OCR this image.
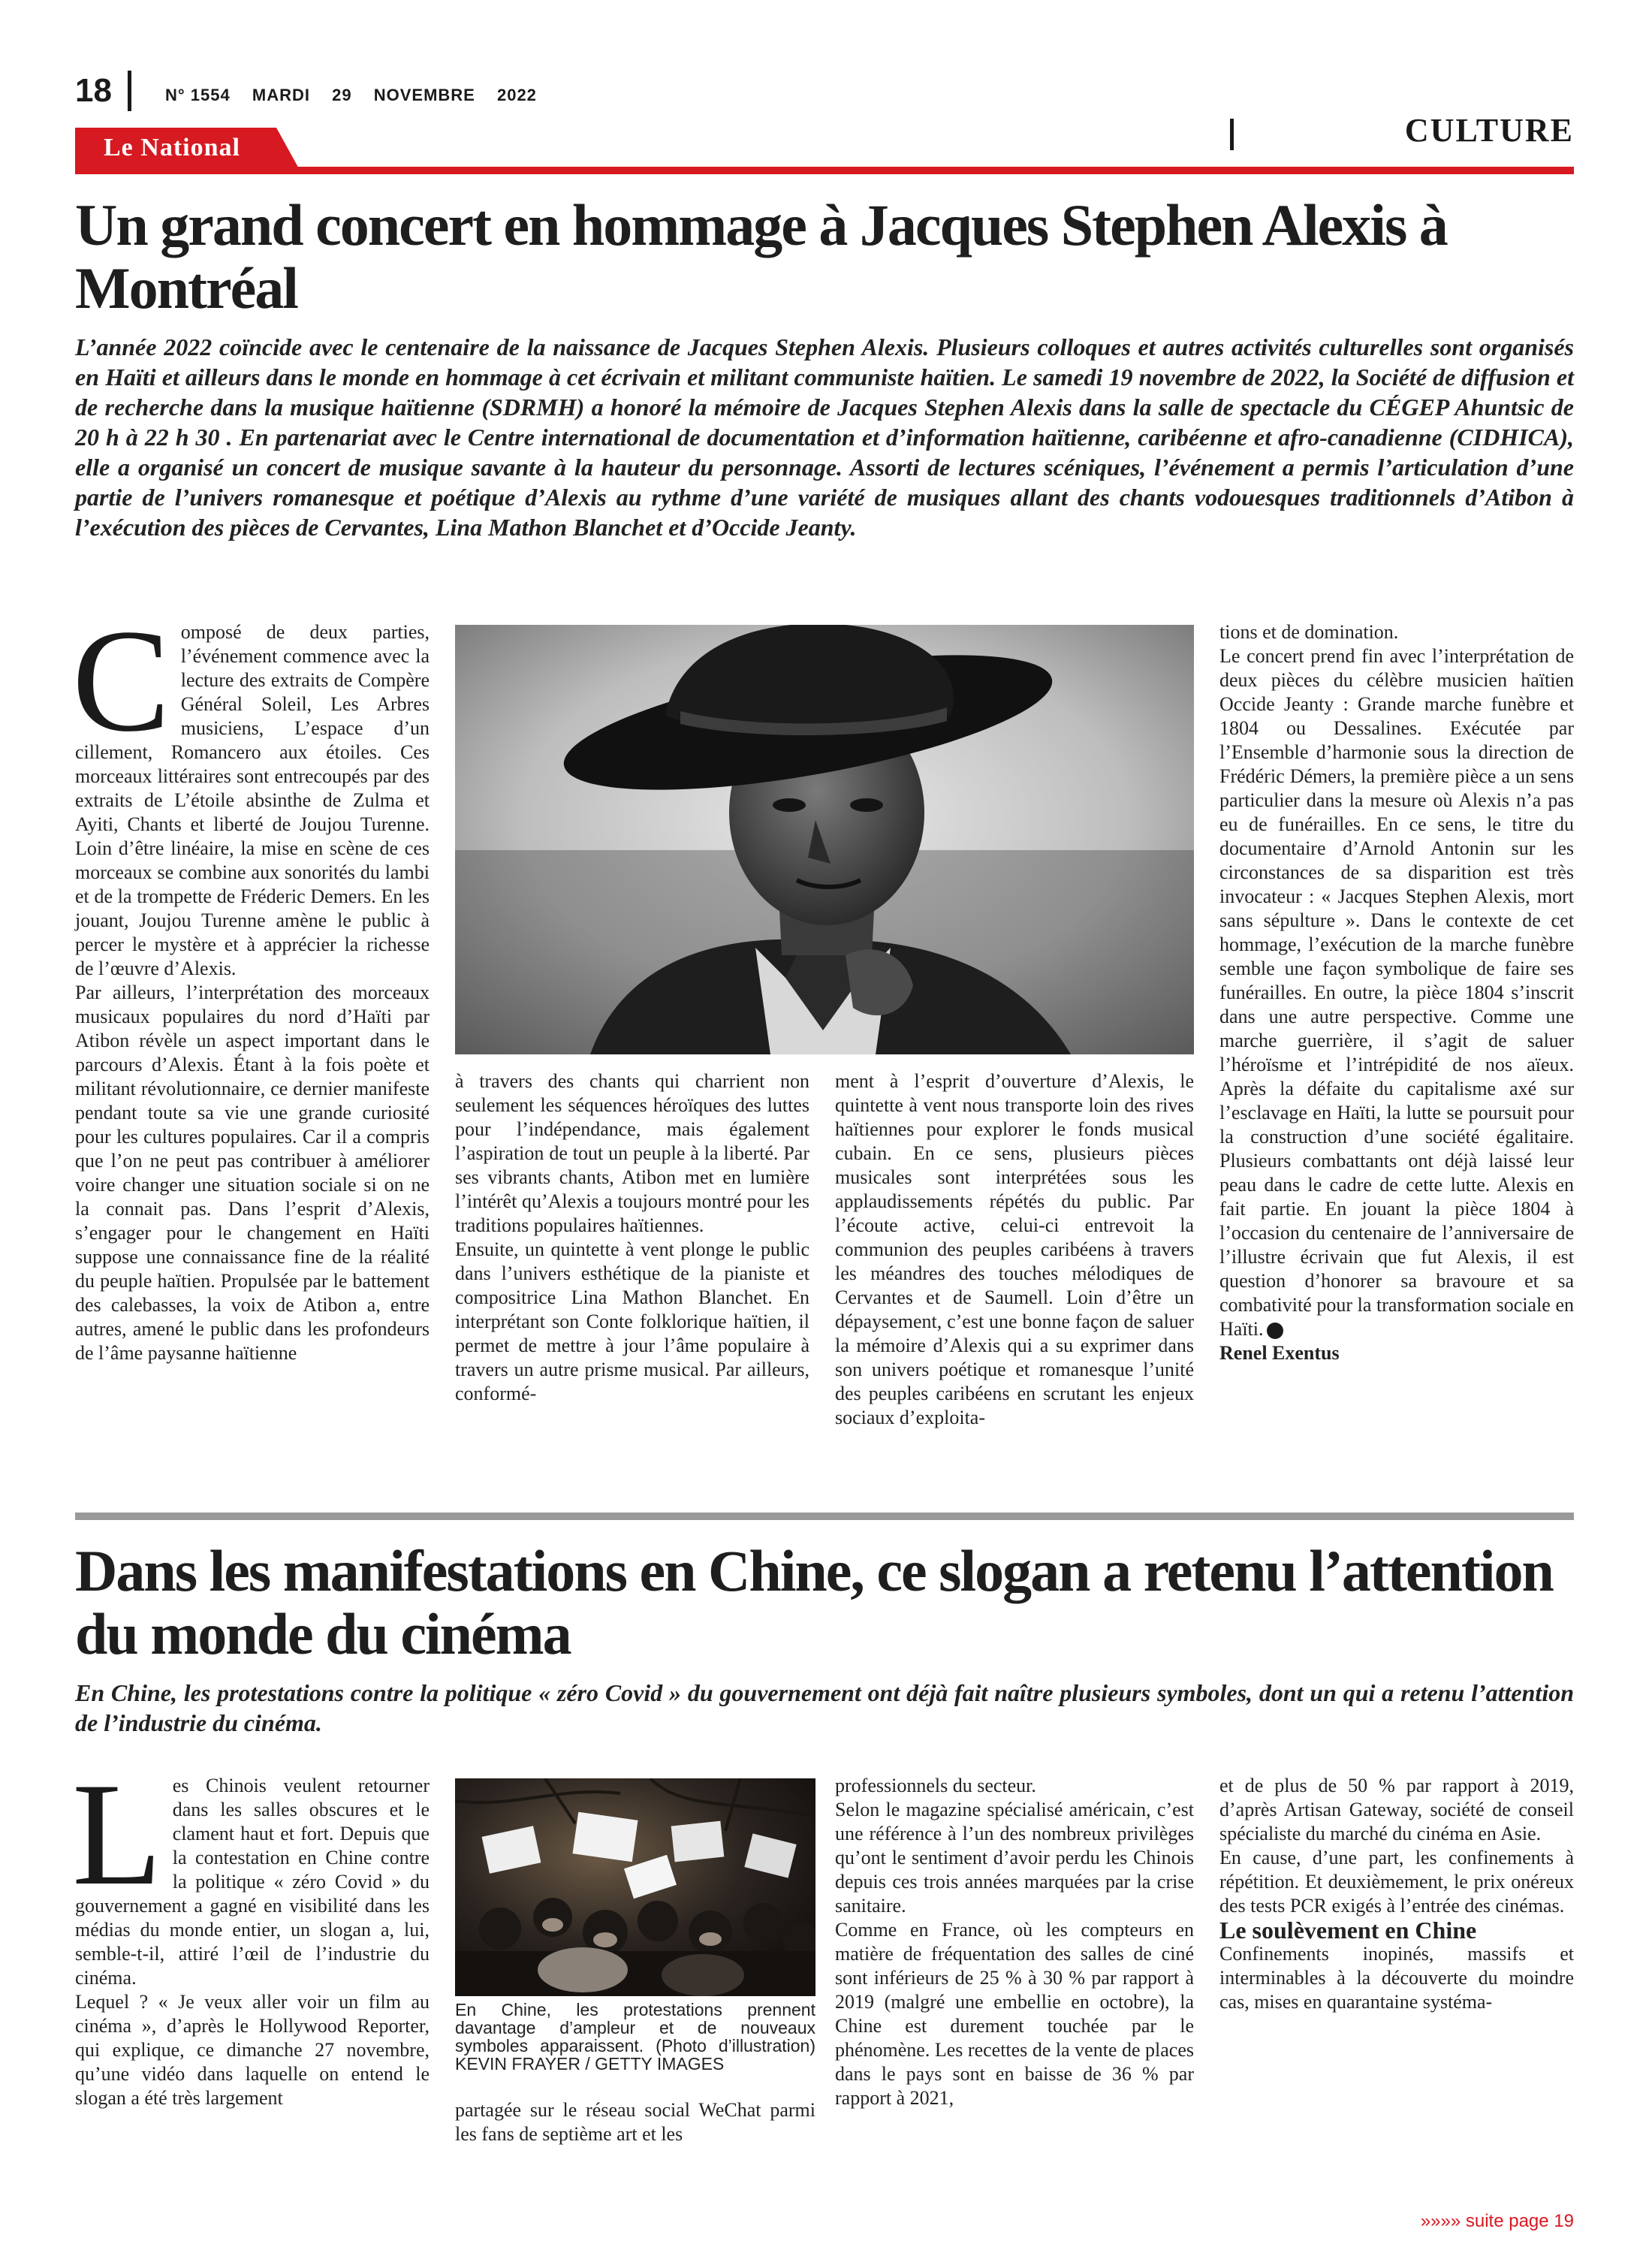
18	N° 1554 MARDI 29 NOVEMBRE 2022
Le National	CULTURE
Un grand concert en hommage à Jacques Stephen Alexis à Montréal
L’année 2022 coïncide avec le centenaire de la naissance de Jacques Stephen Alexis. Plusieurs colloques et autres activités culturelles sont organisés en Haïti et ailleurs dans le monde en hommage à cet écrivain et militant communiste haïtien. Le samedi 19 novembre de 2022, la Société de diffusion et de recherche dans la musique haïtienne (SDRMH) a honoré la mémoire de Jacques Stephen Alexis dans la salle de spectacle du CÉGEP Ahuntsic de 20 h à 22 h 30 . En partenariat avec le Centre international de documentation et d’information haïtienne, caribéenne et afro-canadienne (CIDHICA), elle a organisé un concert de musique savante à la hauteur du personnage. Assorti de lectures scéniques, l’événement a permis l’articulation d’une partie de l’univers romanesque et poétique d’Alexis au rythme d’une variété de musiques allant des chants vodouesques traditionnels d’Atibon à l’exécution des pièces de Cervantes, Lina Mathon Blanchet et d’Occide Jeanty.

Composé de deux parties, l’événement commence avec la lecture des extraits de Compère Général Soleil, Les Arbres musiciens, L’espace d’un cillement, Romancero aux étoiles. Ces morceaux littéraires sont entrecoupés par des extraits de L’étoile absinthe de Zulma et Ayiti, Chants et liberté de Joujou Turenne. Loin d’être linéaire, la mise en scène de ces morceaux se combine aux sonorités du lambi et de la trompette de Fréderic Demers. En les jouant, Joujou Turenne amène le public à percer le mystère et à apprécier la richesse de l’œuvre d’Alexis.

Par ailleurs, l’interprétation des morceaux musicaux populaires du nord d’Haïti par Atibon révèle un aspect important dans le parcours d’Alexis. Étant à la fois poète et militant révolutionnaire, ce dernier manifeste pendant toute sa vie une grande curiosité pour les cultures populaires. Car il a compris que l’on ne peut pas contribuer à améliorer voire changer une situation sociale si on ne la connait pas. Dans l’esprit d’Alexis, s’engager pour le changement en Haïti suppose une connaissance fine de la réalité du peuple haïtien. Propulsée par le battement des calebasses, la voix de Atibon a, entre autres, amené le public dans les profondeurs de l’âme paysanne haïtienne

à travers des chants qui charrient non seulement les séquences héroïques des luttes pour l’indépendance, mais également l’aspiration de tout un peuple à la liberté. Par ses vibrants chants, Atibon met en lumière l’intérêt qu’Alexis a toujours montré pour les traditions populaires haïtiennes.

Ensuite, un quintette à vent plonge le public dans l’univers esthétique de la pianiste et compositrice Lina Mathon Blanchet. En interprétant son Conte folklorique haïtien, il permet de mettre à jour l’âme populaire à travers un autre prisme musical. Par ailleurs, conformé-

ment à l’esprit d’ouverture d’Alexis, le quintette à vent nous transporte loin des rives haïtiennes pour explorer le fonds musical cubain. En ce sens, plusieurs pièces musicales sont interprétées sous les applaudissements répétés du public. Par l’écoute active, celui-ci entrevoit la communion des peuples caribéens à travers les méandres des touches mélodiques de Cervantes et de Saumell. Loin d’être un dépaysement, c’est une bonne façon de saluer la mémoire d’Alexis qui a su exprimer dans son univers poétique et romanesque l’unité des peuples caribéens en scrutant les enjeux sociaux d’exploita-

tions et de domination.

Le concert prend fin avec l’interprétation de deux pièces du célèbre musicien haïtien Occide Jeanty : Grande marche funèbre et 1804 ou Dessalines. Exécutée par l’Ensemble d’harmonie sous la direction de Frédéric Démers, la première pièce a un sens particulier dans la mesure où Alexis n’a pas eu de funérailles. En ce sens, le titre du documentaire d’Arnold Antonin sur les circonstances de sa disparition est très invocateur : « Jacques Stephen Alexis, mort sans sépulture ». Dans le contexte de cet hommage, l’exécution de la marche funèbre semble une façon symbolique de faire ses funérailles. En outre, la pièce 1804 s’inscrit dans une autre perspective. Comme une marche guerrière, il s’agit de saluer l’héroïsme et l’intrépidité de nos aïeux. Après la défaite du capitalisme axé sur l’esclavage en Haïti, la lutte se poursuit pour la construction d’une société égalitaire. Plusieurs combattants ont déjà laissé leur peau dans le cadre de cette lutte. Alexis en fait partie. En jouant la pièce 1804 à l’occasion du centenaire de l’anniversaire de l’illustre écrivain que fut Alexis, il est question d’honorer sa bravoure et sa combativité pour la transformation sociale en Haïti.

Renel Exentus

Dans les manifestations en Chine, ce slogan a retenu l’attention du monde du cinéma
En Chine, les protestations contre la politique « zéro Covid » du gouvernement ont déjà fait naître plusieurs symboles, dont un qui a retenu l’attention de l’industrie du cinéma.

Les Chinois veulent retourner dans les salles obscures et le clament haut et fort. Depuis que la contestation en Chine contre la politique « zéro Covid » du gouvernement a gagné en visibilité dans les médias du monde entier, un slogan a, lui, semble-t-il, attiré l’œil de l’industrie du cinéma.

Lequel ? « Je veux aller voir un film au cinéma », d’après le Hollywood Reporter, qui explique, ce dimanche 27 novembre, qu’une vidéo dans laquelle on entend le slogan a été très largement

En Chine, les protestations prennent davantage d’ampleur et de nouveaux symboles apparaissent. (Photo d’illustration) KEVIN FRAYER / GETTY IMAGES

partagée sur le réseau social WeChat parmi les fans de septième art et les

professionnels du secteur.

Selon le magazine spécialisé américain, c’est une référence à l’un des nombreux privilèges qu’ont le sentiment d’avoir perdu les Chinois depuis ces trois années marquées par la crise sanitaire.

Comme en France, où les compteurs en matière de fréquentation des salles de ciné sont inférieurs de 25 % à 30 % par rapport à 2019 (malgré une embellie en octobre), la Chine est durement touchée par le phénomène. Les recettes de la vente de places dans le pays sont en baisse de 36 % par rapport à 2021,

et de plus de 50 % par rapport à 2019, d’après Artisan Gateway, société de conseil spécialiste du marché du cinéma en Asie.

En cause, d’une part, les confinements à répétition. Et deuxièmement, le prix onéreux des tests PCR exigés à l’entrée des cinémas.

Le soulèvement en Chine

Confinements inopinés, massifs et interminables à la découverte du moindre cas, mises en quarantaine systéma-

»»»» suite page 19
